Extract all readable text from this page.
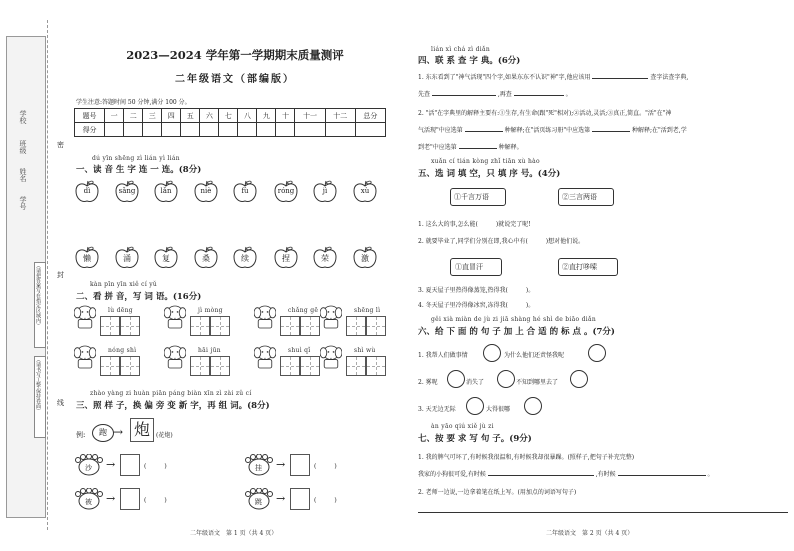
学校
班级
姓名
学号
（请把答案写在指定区域内）
（请书写工整·保持卷面）
密
封
线
2023—2024 学年第一学期期末质量测评
二年级语文（部编版）
学生注意:答题时间 50 分钟,满分 100 分。
题号	一	二	三	四	五	六	七	八	九	十	十一	十二	总分
得分													
dú yīn shēng zì lián yì lián
一、读 音 生 字 连 一 连。(8分)
dì	sǎng	lǎn	niè	fù	róng	jì	xù
懒	涌	复	桑	续	捏	荣	激
kàn pīn yīn xiě cí yǔ
二、看 拼 音，写 词 语。(16分)
lù dēng	jì mòng	chǎng gē	shēng lì
nóng shì	hāi jūn	shuì qǐ	shì wù
zhào yàng zi huàn piān páng biàn xīn zì zài zǔ cí
三、照 样 子，换 偏 旁 变 新 字，再 组 词。(8分)
例:	跑 → 炮	(花炮)
沙 →	(　　　)	挂 →	(　　　)
被 →	(　　　)	跳 →	(　　　)
二年级语文　第 1 页（共 4 页）
lián xì chá zì diǎn
四、联 系 查 字 典。(6分)
1. 东东看到了"神气活现"四个字,如果东东不认识"神"字,他应该用	查字法查字典,
先查	,再查	。
2. "活"在字典里的解释主要有:①生存,有生命(跟"死"相对);②活动,灵活;③真正,简直。"活"在"神
气活现"中应选第	种解释;在"活页练习册"中应选第	种解释;在"活到老,学
到老"中应选第	种解释。
xuǎn cí tián kòng zhǐ tiān xù hào
五、选 词 填 空，只 填 序 号。(4分)
①千言万语	②三言两语
1. 这么大的事,怎么能(　　　)就说完了呢!
2. 就要毕业了,同学们分别在即,我心中有(　　　)想对他们说。
①直冒汗	②直打哆嗦
3. 夏天屋子里热得像蒸笼,热得我(　　　)。
4. 冬天屋子里冷得像冰窖,冻得我(　　　)。
gěi xià miàn de jù zi jiā shàng hé shì de biāo diǎn
六、给 下 面 的 句 子 加 上 合 适 的 标 点 。(7分)
1. 我帮人们做事情	为什么他们还责怪我呢
2. 雾呢	消失了	不知到哪里去了
3. 天无边无际	大得很哪
àn yāo qiú xiě jù zi
七、按 要 求 写 句 子。(9分)
1. 我的脾气可坏了,有时候我很温和,有时候我却很暴躁。(照样子,把句子补充完整)
我家的小狗很可爱,有时候	,有时候	。
2. 老师一边说,一边拿着笔在纸上写。(用加点的词语写句子)
二年级语文　第 2 页（共 4 页）
